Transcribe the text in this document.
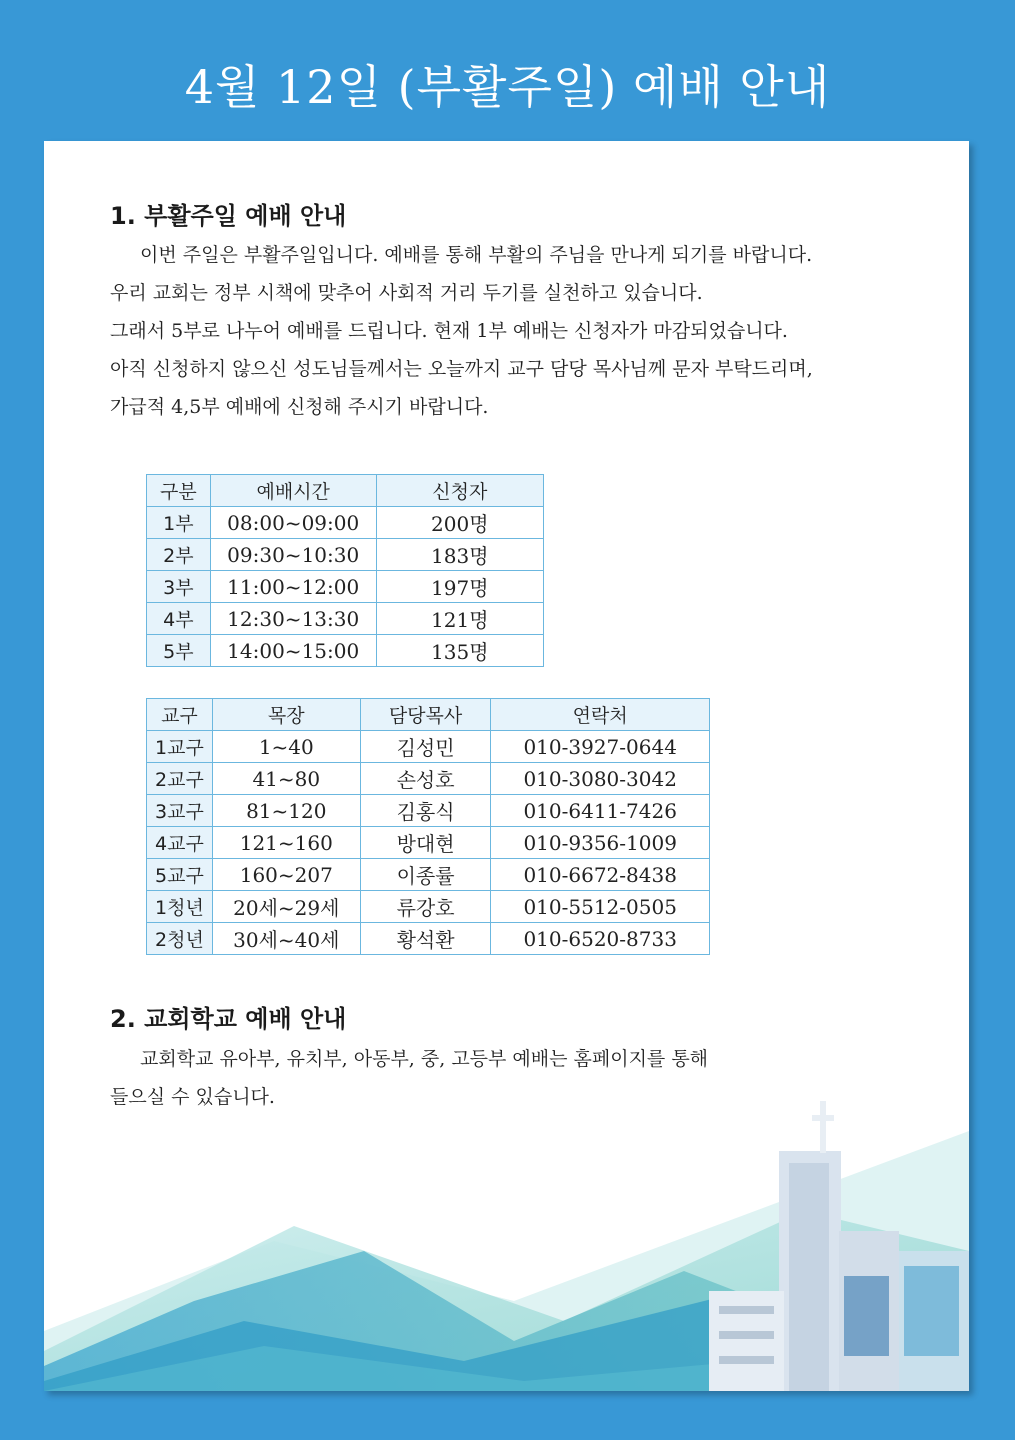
4월 12일 (부활주일) 예배 안내
1. 부활주일 예배 안내

이번 주일은 부활주일입니다. 예배를 통해 부활의 주님을 만나게 되기를 바랍니다.

우리 교회는 정부 시책에 맞추어 사회적 거리 두기를 실천하고 있습니다.

그래서 5부로 나누어 예배를 드립니다. 현재 1부 예배는 신청자가 마감되었습니다.

아직 신청하지 않으신 성도님들께서는 오늘까지 교구 담당 목사님께 문자 부탁드리며,

가급적 4,5부 예배에 신청해 주시기 바랍니다.

구분	예배시간	신청자
1부	08:00~09:00	200명
2부	09:30~10:30	183명
3부	11:00~12:00	197명
4부	12:30~13:30	121명
5부	14:00~15:00	135명
교구	목장	담당목사	연락처
1교구	1~40	김성민	010-3927-0644
2교구	41~80	손성호	010-3080-3042
3교구	81~120	김홍식	010-6411-7426
4교구	121~160	방대현	010-9356-1009
5교구	160~207	이종률	010-6672-8438
1청년	20세~29세	류강호	010-5512-0505
2청년	30세~40세	황석환	010-6520-8733
2. 교회학교 예배 안내

교회학교 유아부, 유치부, 아동부, 중, 고등부 예배는 홈페이지를 통해

들으실 수 있습니다.
